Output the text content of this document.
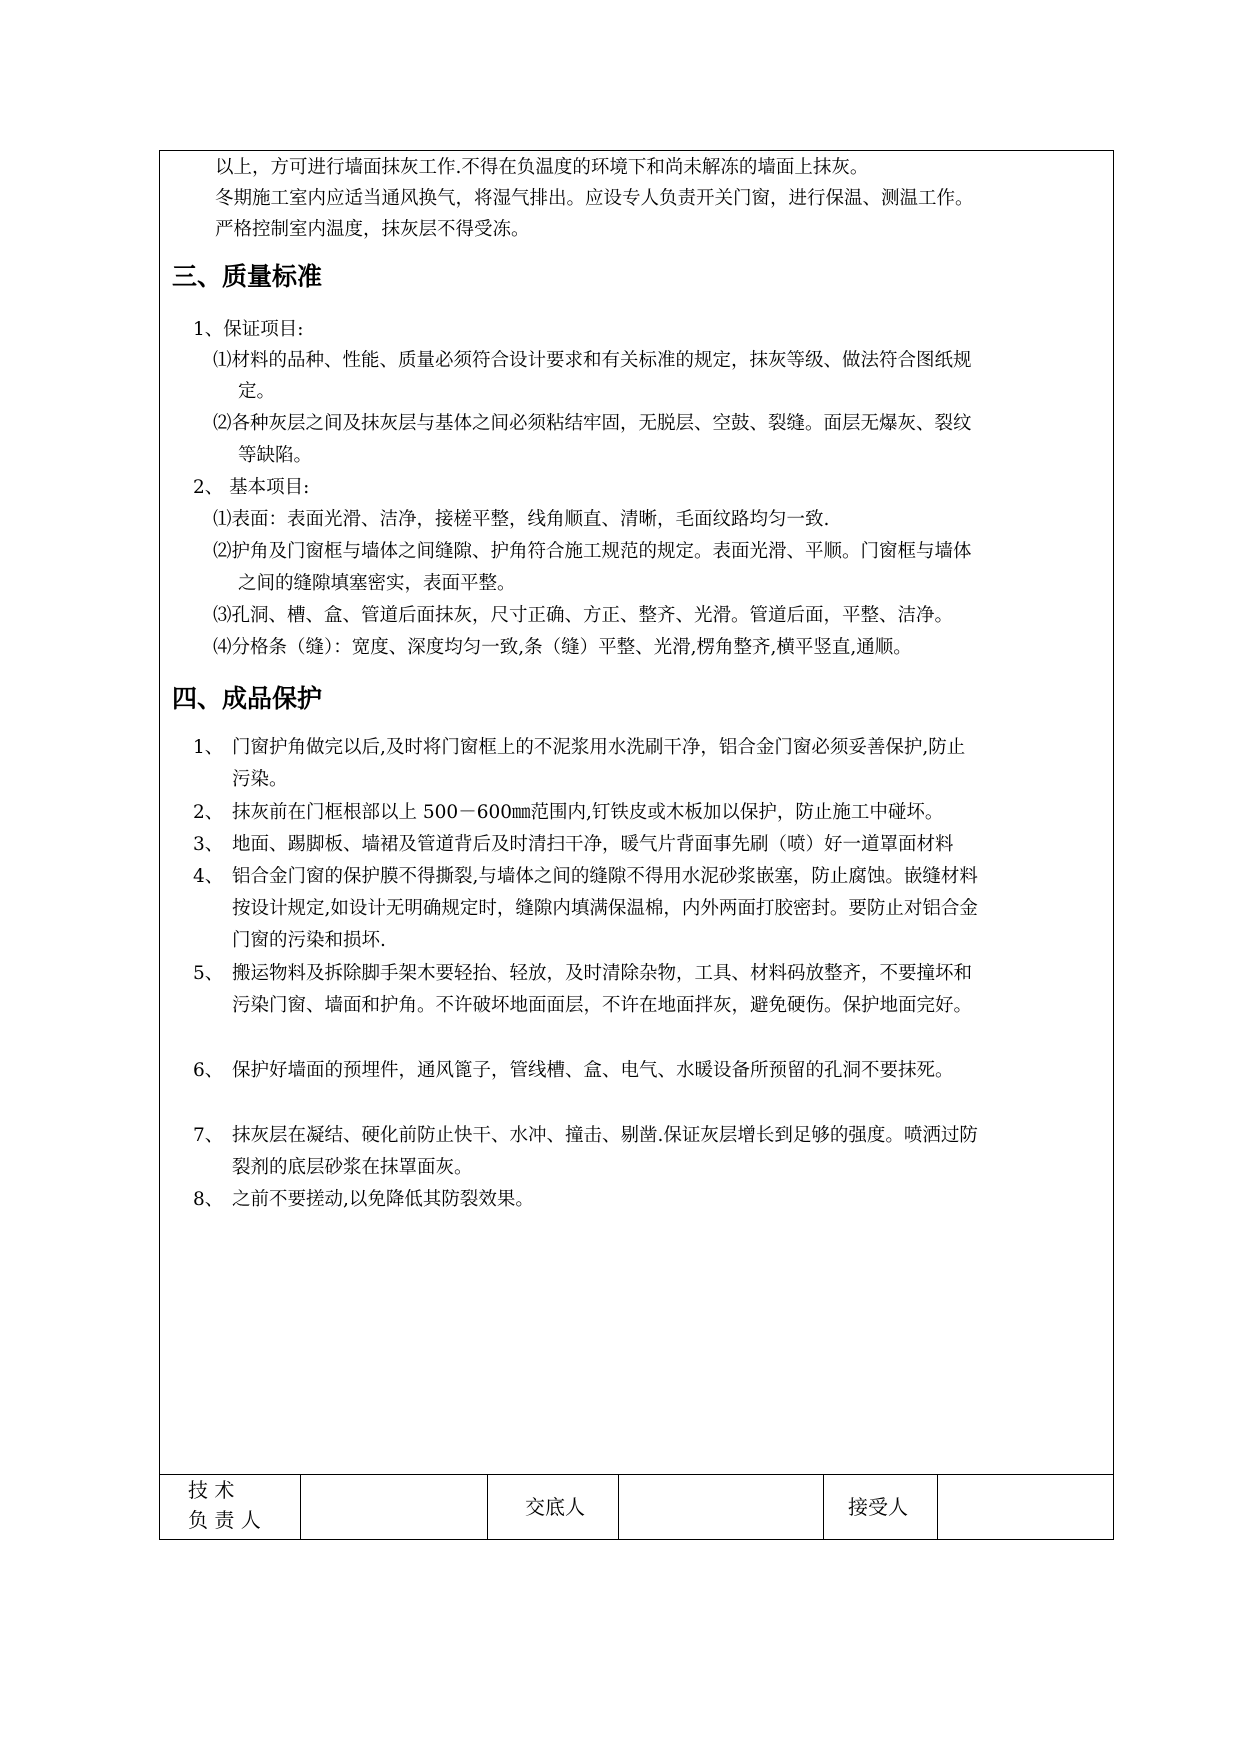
以上，方可进行墙面抹灰工作.不得在负温度的环境下和尚未解冻的墙面上抹灰。
冬期施工室内应适当通风换气，将湿气排出。应设专人负责开关门窗，进行保温、测温工作。
严格控制室内温度，抹灰层不得受冻。
三、质量标准
1、保证项目:
⑴材料的品种、性能、质量必须符合设计要求和有关标准的规定，抹灰等级、做法符合图纸规
定。
⑵各种灰层之间及抹灰层与基体之间必须粘结牢固，无脱层、空鼓、裂缝。面层无爆灰、裂纹
等缺陷。
2、 基本项目:
⑴表面：表面光滑、洁净，接槎平整，线角顺直、清晰，毛面纹路均匀一致.
⑵护角及门窗框与墙体之间缝隙、护角符合施工规范的规定。表面光滑、平顺。门窗框与墙体
之间的缝隙填塞密实，表面平整。
⑶孔洞、槽、盒、管道后面抹灰，尺寸正确、方正、整齐、光滑。管道后面，平整、洁净。
⑷分格条（缝）：宽度、深度均匀一致,条（缝）平整、光滑,楞角整齐,横平竖直,通顺。
四、成品保护
1、 门窗护角做完以后,及时将门窗框上的不泥浆用水洗刷干净，铝合金门窗必须妥善保护,防止
污染。
2、 抹灰前在门框根部以上 500－600㎜范围内,钉铁皮或木板加以保护，防止施工中碰坏。
3、 地面、踢脚板、墙裙及管道背后及时清扫干净，暖气片背面事先刷（喷）好一道罩面材料
4、 铝合金门窗的保护膜不得撕裂,与墙体之间的缝隙不得用水泥砂浆嵌塞，防止腐蚀。嵌缝材料
按设计规定,如设计无明确规定时，缝隙内填满保温棉，内外两面打胶密封。要防止对铝合金
门窗的污染和损坏.
5、 搬运物料及拆除脚手架木要轻抬、轻放，及时清除杂物，工具、材料码放整齐，不要撞坏和
污染门窗、墙面和护角。不许破坏地面面层，不许在地面拌灰，避免硬伤。保护地面完好。
6、 保护好墙面的预埋件，通风篦子，管线槽、盒、电气、水暖设备所预留的孔洞不要抹死。
7、 抹灰层在凝结、硬化前防止快干、水冲、撞击、剔凿.保证灰层增长到足够的强度。喷洒过防
裂剂的底层砂浆在抹罩面灰。
8、 之前不要搓动,以免降低其防裂效果。
技 术
负 责 人
交底人	接受人
